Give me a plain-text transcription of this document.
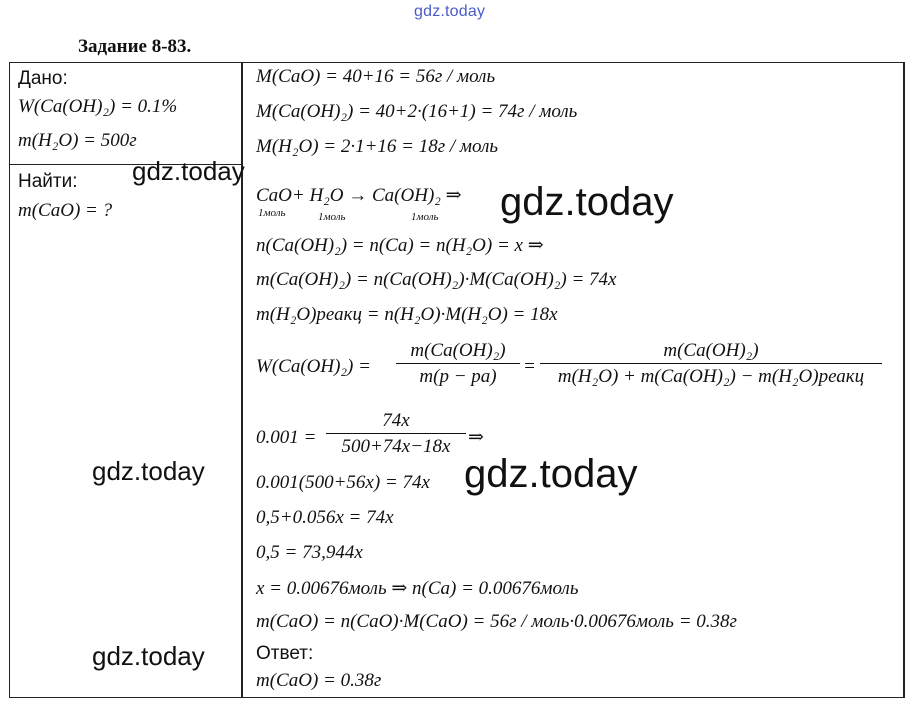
gdz.today
Задание 8-83.
Дано:
W(Ca(OH)₂) = 0.1%
m(H₂O) = 500г
Найти:
m(CaO) = ?
M(CaO) = 40+16 = 56г / моль
M(Ca(OH)₂) = 40+2·(16+1) = 74г / моль
M(H₂O) = 2·1+16 = 18г / моль
CaO+ H₂O → Ca(OH)₂ ⇒
1моль	1моль	1моль
n(Ca(OH)₂) = n(Ca) = n(H₂O) = x ⇒
m(Ca(OH)₂) = n(Ca(OH)₂)·M(Ca(OH)₂) = 74x
m(H₂O)реакц = n(H₂O)·M(H₂O) = 18x
W(Ca(OH)₂) =
m(Ca(OH)₂)
m(p − pa) =
m(Ca(OH)₂)
m(H₂O) + m(Ca(OH)₂) − m(H₂O)реакц
0.001 =
74x
500+74x−18x ⇒
0.001(500+56x) = 74x
0,5+0.056x = 74x
0,5 = 73,944x
x = 0.00676моль ⇒ n(Ca) = 0.00676моль
m(CaO) = n(CaO)·M(CaO) = 56г / моль·0.00676моль = 0.38г
Ответ:
m(CaO) = 0.38г
gdz.today
gdz.today
gdz.today	gdz.today
gdz.today
